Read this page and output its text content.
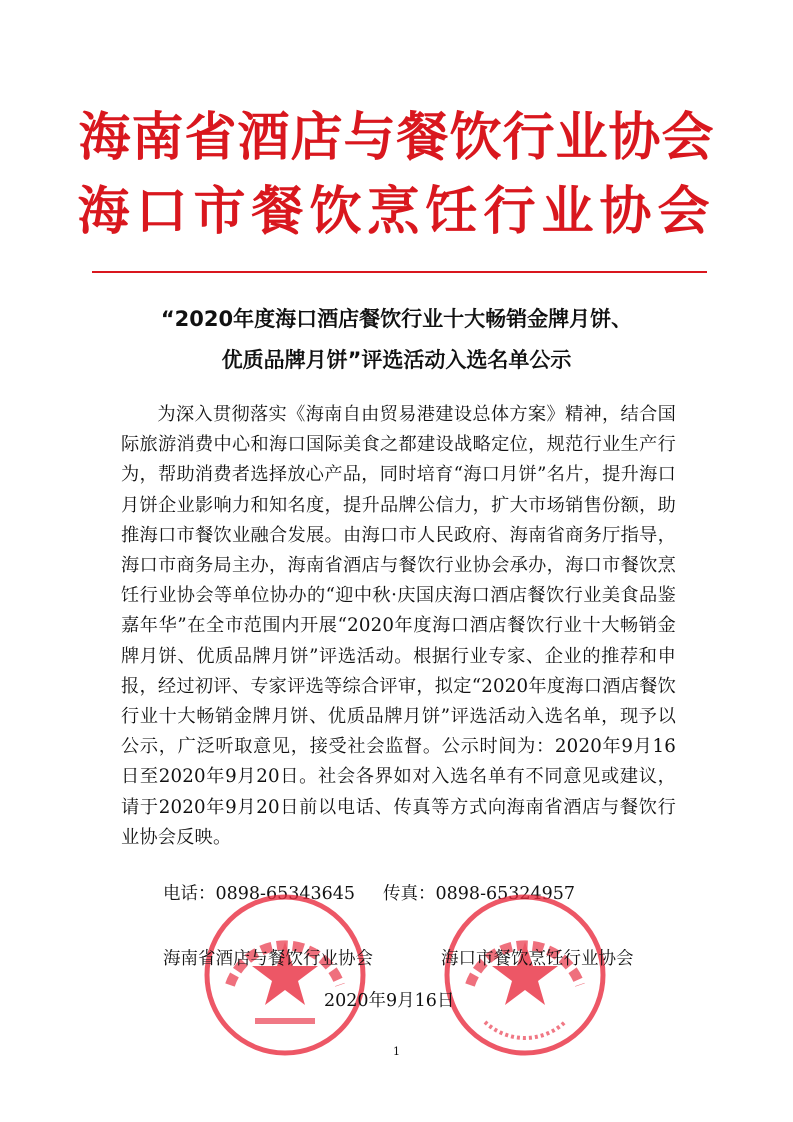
海南省酒店与餐饮行业协会
海口市餐饮烹饪行业协会
“2020年度海口酒店餐饮行业十大畅销金牌月饼、
优质品牌月饼”评选活动入选名单公示

为深入贯彻落实《海南自由贸易港建设总体方案》精神，结合国际旅游消费中心和海口国际美食之都建设战略定位，规范行业生产行为，帮助消费者选择放心产品，同时培育“海口月饼”名片，提升海口月饼企业影响力和知名度，提升品牌公信力，扩大市场销售份额，助推海口市餐饮业融合发展。由海口市人民政府、海南省商务厅指导，海口市商务局主办，海南省酒店与餐饮行业协会承办，海口市餐饮烹饪行业协会等单位协办的“迎中秋·庆国庆海口酒店餐饮行业美食品鉴嘉年华”在全市范围内开展“2020年度海口酒店餐饮行业十大畅销金牌月饼、优质品牌月饼”评选活动。根据行业专家、企业的推荐和申报，经过初评、专家评选等综合评审，拟定“2020年度海口酒店餐饮行业十大畅销金牌月饼、优质品牌月饼”评选活动入选名单，现予以公示，广泛听取意见，接受社会监督。公示时间为：2020年9月16日至2020年9月20日。社会各界如对入选名单有不同意见或建议，请于2020年9月20日前以电话、传真等方式向海南省酒店与餐饮行业协会反映。

电话：0898-65343645 传真：0898-65324957
海南省酒店与餐饮行业协会	海口市餐饮烹饪行业协会
2020年9月16日
1
